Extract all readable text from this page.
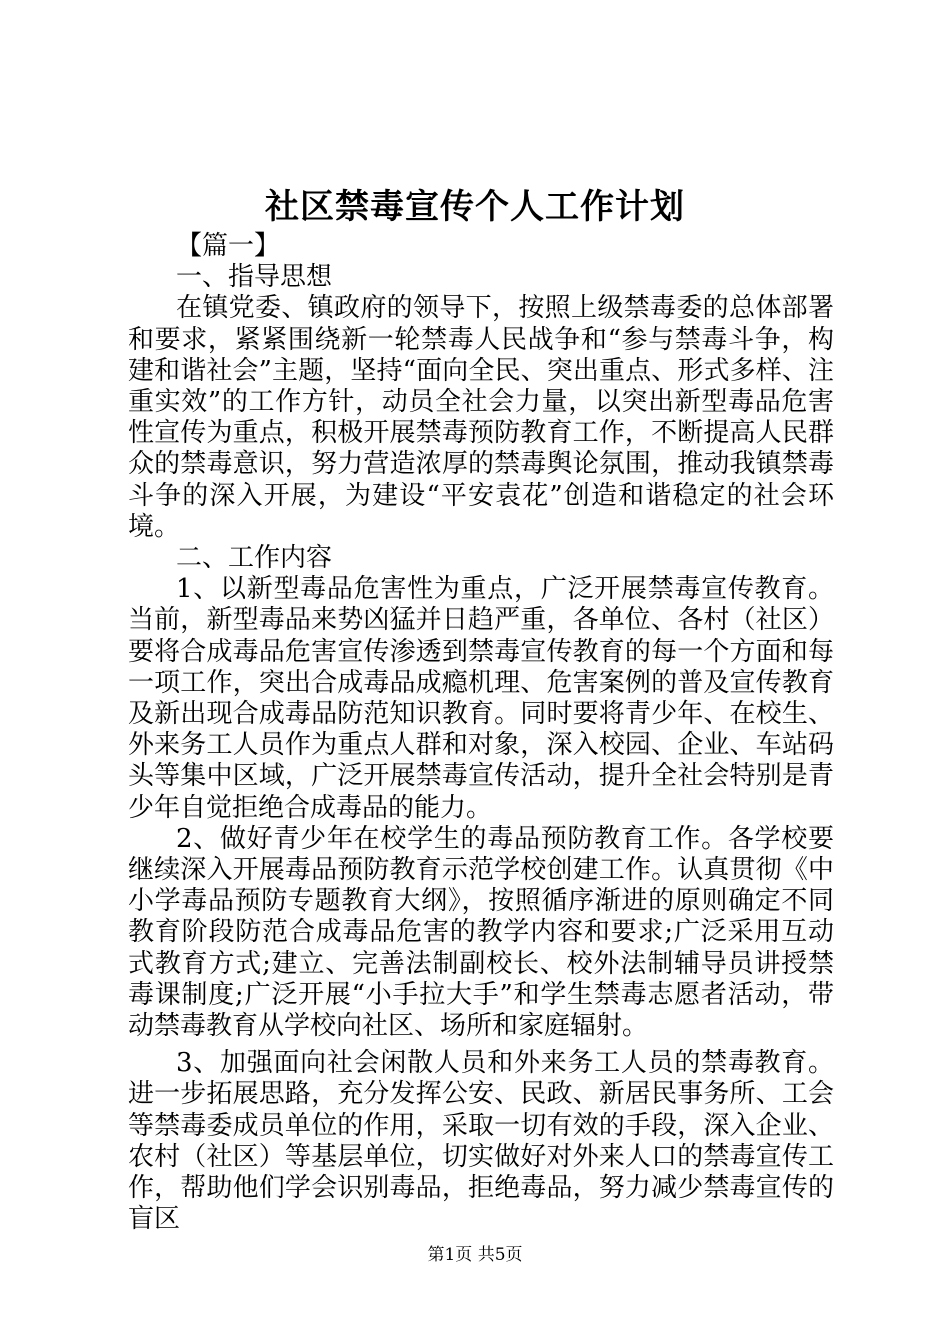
社区禁毒宣传个人工作计划

【篇一】

一、指导思想

在镇党委、镇政府的领导下，按照上级禁毒委的总体部署和要求，紧紧围绕新一轮禁毒人民战争和“参与禁毒斗争，构建和谐社会”主题，坚持“面向全民、突出重点、形式多样、注重实效”的工作方针，动员全社会力量，以突出新型毒品危害性宣传为重点，积极开展禁毒预防教育工作，不断提高人民群众的禁毒意识，努力营造浓厚的禁毒舆论氛围，推动我镇禁毒斗争的深入开展，为建设“平安袁花”创造和谐稳定的社会环境。

二、工作内容

1、以新型毒品危害性为重点，广泛开展禁毒宣传教育。当前，新型毒品来势凶猛并日趋严重，各单位、各村（社区）要将合成毒品危害宣传渗透到禁毒宣传教育的每一个方面和每一项工作，突出合成毒品成瘾机理、危害案例的普及宣传教育及新出现合成毒品防范知识教育。同时要将青少年、在校生、外来务工人员作为重点人群和对象，深入校园、企业、车站码头等集中区域，广泛开展禁毒宣传活动，提升全社会特别是青少年自觉拒绝合成毒品的能力。

2、做好青少年在校学生的毒品预防教育工作。各学校要继续深入开展毒品预防教育示范学校创建工作。认真贯彻《中小学毒品预防专题教育大纲》，按照循序渐进的原则确定不同教育阶段防范合成毒品危害的教学内容和要求;广泛采用互动式教育方式;建立、完善法制副校长、校外法制辅导员讲授禁毒课制度;广泛开展“小手拉大手”和学生禁毒志愿者活动，带动禁毒教育从学校向社区、场所和家庭辐射。

3、加强面向社会闲散人员和外来务工人员的禁毒教育。进一步拓展思路，充分发挥公安、民政、新居民事务所、工会等禁毒委成员单位的作用，采取一切有效的手段，深入企业、农村（社区）等基层单位，切实做好对外来人口的禁毒宣传工作，帮助他们学会识别毒品，拒绝毒品，努力减少禁毒宣传的盲区

第1页 共5页
